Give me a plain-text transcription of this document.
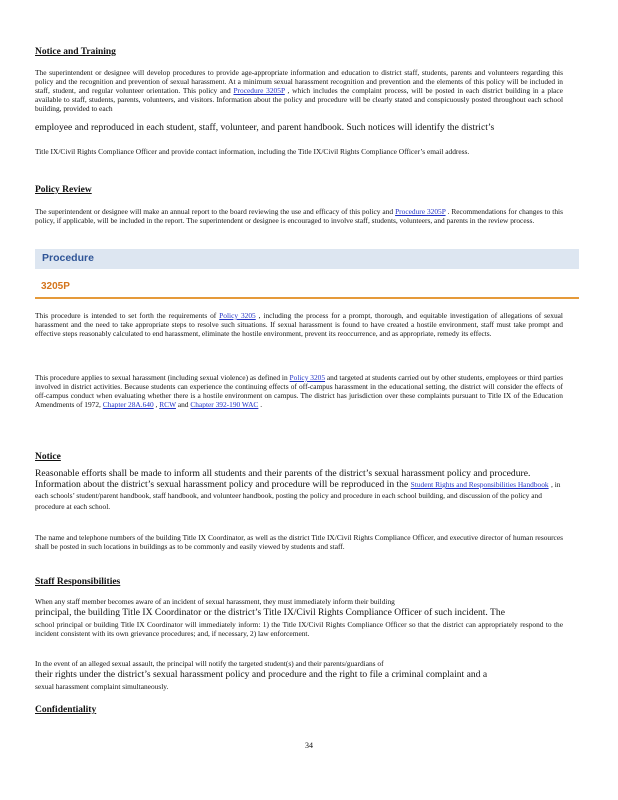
Notice and Training

The superintendent or designee will develop procedures to provide age-appropriate information and education to district staff, students, parents and volunteers regarding this policy and the recognition and prevention of sexual harassment. At a minimum sexual harassment recognition and prevention and the elements of this policy will be included in staff, student, and regular volunteer orientation. This policy and Procedure 3205P , which includes the complaint process, will be posted in each district building in a place available to staff, students, parents, volunteers, and visitors. Information about the policy and procedure will be clearly stated and conspicuously posted throughout each school building, provided to each

employee and reproduced in each student, staff, volunteer, and parent handbook. Such notices will identify the district’s

Title IX/Civil Rights Compliance Officer and provide contact information, including the Title IX/Civil Rights Compliance Officer’s email address.

Policy Review

The superintendent or designee will make an annual report to the board reviewing the use and efficacy of this policy and Procedure 3205P . Recommendations for changes to this policy, if applicable, will be included in the report. The superintendent or designee is encouraged to involve staff, students, volunteers, and parents in the review process.

Procedure
3205P

This procedure is intended to set forth the requirements of Policy 3205 , including the process for a prompt, thorough, and equitable investigation of allegations of sexual harassment and the need to take appropriate steps to resolve such situations. If sexual harassment is found to have created a hostile environment, staff must take prompt and effective steps reasonably calculated to end harassment, eliminate the hostile environment, prevent its reoccurrence, and as appropriate, remedy its effects.

This procedure applies to sexual harassment (including sexual violence) as defined in Policy 3205 and targeted at students carried out by other students, employees or third parties involved in district activities. Because students can experience the continuing effects of off-campus harassment in the educational setting, the district will consider the effects of off-campus conduct when evaluating whether there is a hostile environment on campus. The district has jurisdiction over these complaints pursuant to Title IX of the Education Amendments of 1972, Chapter 28A.640 , RCW and Chapter 392-190 WAC .

Notice

Reasonable efforts shall be made to inform all students and their parents of the district’s sexual harassment policy and procedure. Information about the district’s sexual harassment policy and procedure will be reproduced in the Student Rights and Responsibilities Handbook , in each schools’ student/parent handbook, staff handbook, and volunteer handbook, posting the policy and procedure in each school building, and discussion of the policy and procedure at each school.

The name and telephone numbers of the building Title IX Coordinator, as well as the district Title IX/Civil Rights Compliance Officer, and executive director of human resources shall be posted in such locations in buildings as to be commonly and easily viewed by students and staff.

Staff Responsibilities

When any staff member becomes aware of an incident of sexual harassment, they must immediately inform their building

principal, the building Title IX Coordinator or the district’s Title IX/Civil Rights Compliance Officer of such incident. The

school principal or building Title IX Coordinator will immediately inform: 1) the Title IX/Civil Rights Compliance Officer so that the district can appropriately respond to the incident consistent with its own grievance procedures; and, if necessary, 2) law enforcement.

In the event of an alleged sexual assault, the principal will notify the targeted student(s) and their parents/guardians of

their rights under the district’s sexual harassment policy and procedure and the right to file a criminal complaint and a

sexual harassment complaint simultaneously.

Confidentiality
34
